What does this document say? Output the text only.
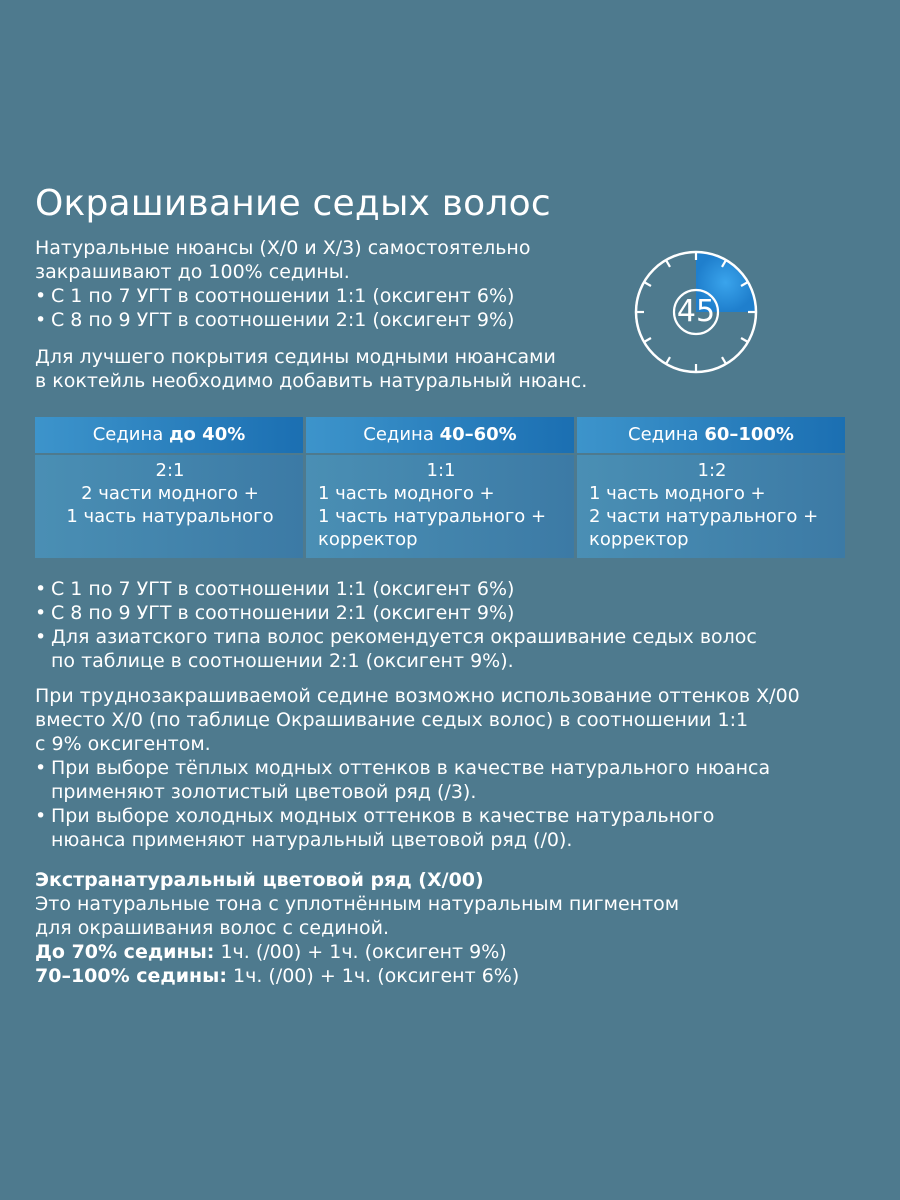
Окрашивание седых волос

Натуральные нюансы (X/0 и X/3) самостоятельно

закрашивают до 100% седины.

• С 1 по 7 УГТ в соотношении 1:1 (оксигент 6%)

• С 8 по 9 УГТ в соотношении 2:1 (оксигент 9%)

Для лучшего покрытия седины модными нюансами

в коктейль необходимо добавить натуральный нюанс.

45
Седина до 40%
2:1
2 части модного +
1 часть натурального
Седина 40–60%
1:1
1 часть модного +
1 часть натурального +
корректор
Седина 60–100%
1:2
1 часть модного +
2 части натурального +
корректор

• С 1 по 7 УГТ в соотношении 1:1 (оксигент 6%)

• С 8 по 9 УГТ в соотношении 2:1 (оксигент 9%)

• Для азиатского типа волос рекомендуется окрашивание седых волос
по таблице в соотношении 2:1 (оксигент 9%).

При труднозакрашиваемой седине возможно использование оттенков X/00

вместо X/0 (по таблице Окрашивание седых волос) в соотношении 1:1

с 9% оксигентом.

• При выборе тёплых модных оттенков в качестве натурального нюанса
применяют золотистый цветовой ряд (/3).

• При выборе холодных модных оттенков в качестве натурального
нюанса применяют натуральный цветовой ряд (/0).

Экстранатуральный цветовой ряд (X/00)

Это натуральные тона с уплотнённым натуральным пигментом

для окрашивания волос с сединой.

До 70% седины: 1ч. (/00) + 1ч. (оксигент 9%)

70–100% седины: 1ч. (/00) + 1ч. (оксигент 6%)
